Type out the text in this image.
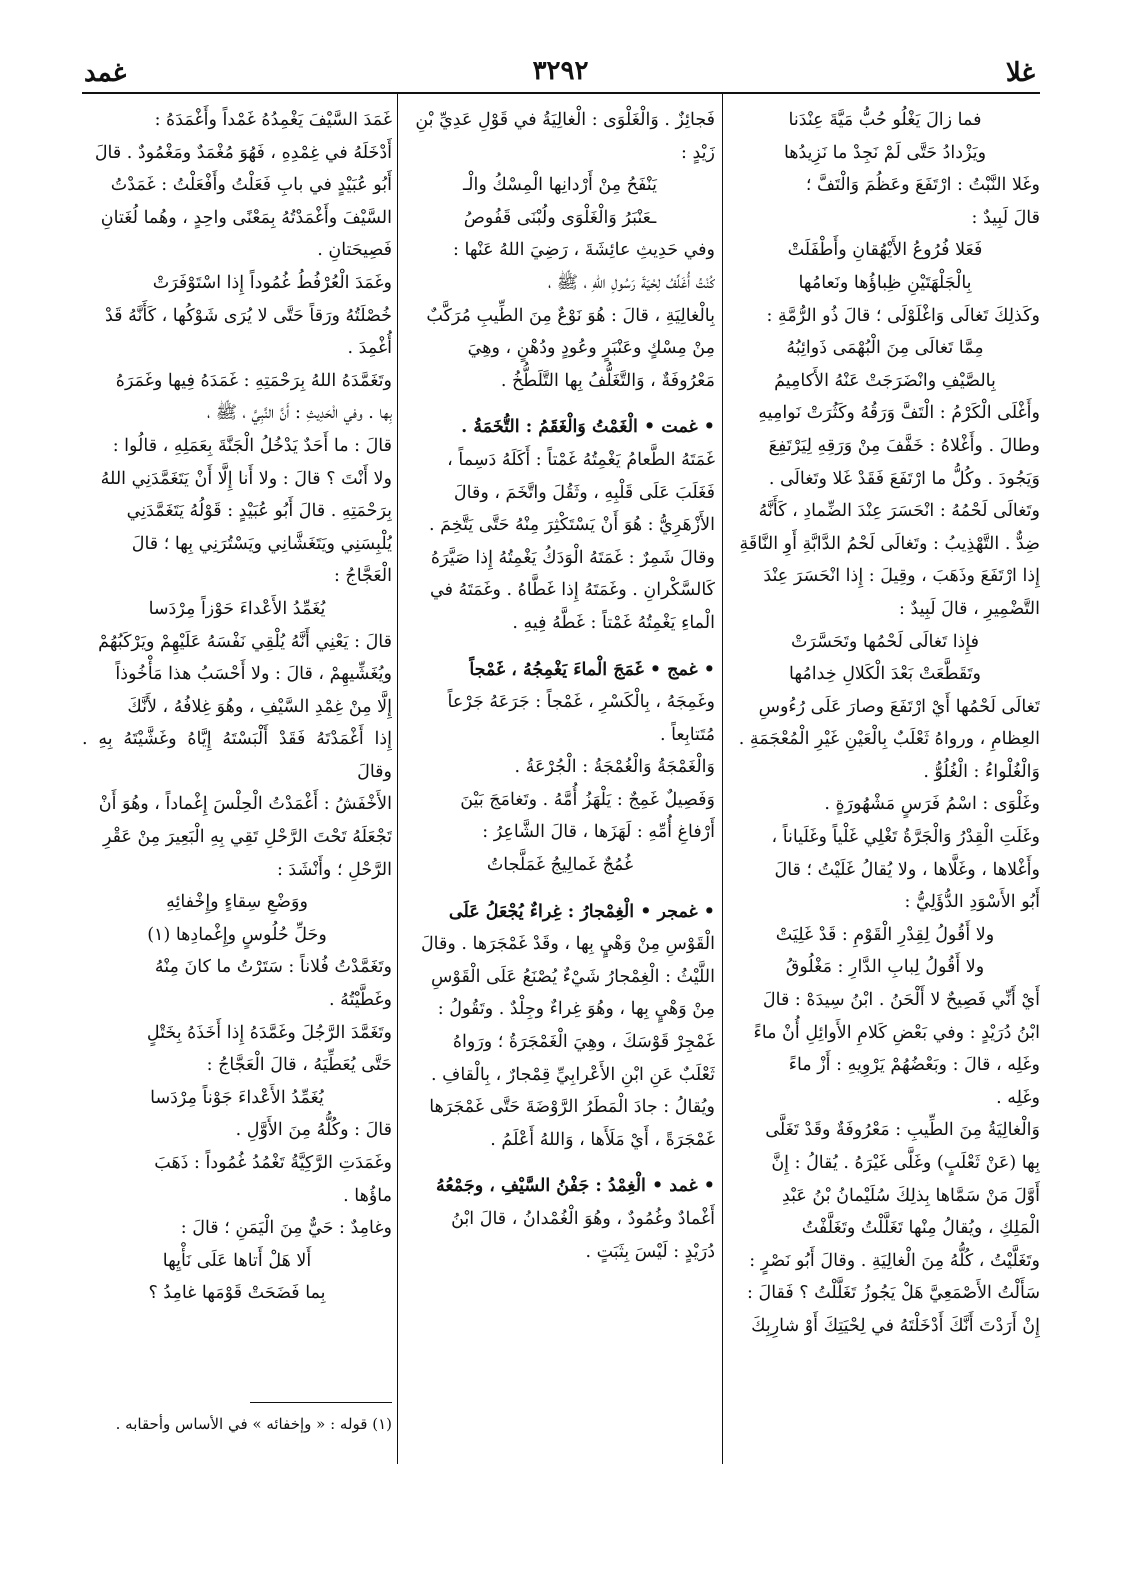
غلا
٣٢٩٢
غمد
فما زالَ يَغْلُو حُبُّ مَيَّةَ عِنْدَنا
ويَزْدادُ حَتَّى لَمْ نَجِدْ ما نَزِيدُها
وغَلا النَّبْتُ : ارْتَفَعَ وعَظُمَ وَالْتَفَّ ؛
قالَ لَبِيدٌ :
فَعَلا فُرُوعُ الأَيْهُقانِ وأَطْفَلَتْ
بِالْجَلْهَتَيْنِ ظِباؤُها ونَعامُها
وكَذلِكَ تَغالَى وَاغْلَوْلَى ؛ قالَ ذُو الرُّمَّةِ :
مِمَّا تَغالَى مِنَ الْبُهْمَى ذَوائِبُهُ
بِالصَّيْفِ وانْضَرَجَتْ عَنْهُ الأَكامِيمُ
وأَغْلَى الْكَرْمُ : الْتَفَّ وَرَقُهُ وكَثُرَتْ نَوامِيهِ
وطالَ . وأَغْلاهُ : خَفَّفَ مِنْ وَرَقِهِ لِيَرْتَفِعَ
وَيَجُودَ . وكُلُّ ما ارْتَفَعَ فَقَدْ غَلا وتَغالَى .
وتَغالَى لَحْمُهُ : انْحَسَرَ عِنْدَ الضِّمادِ ، كَأَنَّهُ
ضِدٌّ . التَّهْذِيبُ : وتَغالَى لَحْمُ الدَّابَّةِ أَوِ النَّاقَةِ
إِذا ارْتَفَعَ وذَهَبَ ، وقِيلَ : إِذا انْحَسَرَ عِنْدَ
التَّضْمِيرِ ، قالَ لَبِيدٌ :
فإِذا تَغالَى لَحْمُها وتَحَسَّرَتْ
وتَقَطَّعَتْ بَعْدَ الْكَلالِ خِدامُها
تَغالَى لَحْمُها أَيْ ارْتَفَعَ وصارَ عَلَى رُءُوسِ
العِظامِ ، ورواهُ ثَعْلَبٌ بِالْعَيْنِ غَيْرِ الْمُعْجَمَةِ .
وَالْغُلْواءُ : الْغُلُوُّ .
وغَلْوَى : اسْمُ فَرَسٍ مَشْهُورَةٍ .
وغَلَتِ الْقِدْرُ وَالْجَرَّةُ تَغْلِي غَلْياً وغَلَياناً ،
وأَغْلاها ، وغَلَّاها ، ولا يُقالُ غَلَيْتُ ؛ قالَ
أَبُو الأَسْوَدِ الدُّؤَلِيُّ :
ولا أَقُولُ لِقِدْرِ الْقَوْمِ : قَدْ غَلِيَتْ
ولا أَقُولُ لِبابِ الدَّارِ : مَغْلُوقُ
أَيْ أَنِّي فَصِيحٌ لا أَلْحَنُ . ابْنُ سِيدَهْ : قالَ
ابْنُ دُرَيْدٍ : وفي بَعْضِ كَلامِ الأَوائِلِ أُنْ ماءً
وغَلِه ، قالَ : وبَعْضُهُمْ يَرْوِيهِ : أَزْ ماءً
وغَلِه .
وَالْغالِيَةُ مِنَ الطِّيبِ : مَعْرُوفَةٌ وقَدْ تَغَلَّى
بِها (عَنْ ثَعْلَبٍ) وغَلَّى غَيْرَهُ . يُقالُ : إِنَّ
أَوَّلَ مَنْ سَمَّاها بِذلِكَ سُلَيْمانُ بْنُ عَبْدِ
الْمَلِكِ ، ويُقالُ مِنْها تَغَلَّلْتُ وتَغَلَّفْتُ
وتَغَلَّيْتُ ، كُلُّهُ مِنَ الْغالِيَةِ . وقالَ أَبُو نَصْرٍ :
سَأَلْتُ الأَصْمَعِيَّ هَلْ يَجُوزُ تَغَلَّلْتُ ؟ فَقالَ :
إِنْ أَرَدْتَ أَنَّكَ أَدْخَلْتَهُ في لِحْيَتِكَ أَوْ شارِبِكَ
فَجائِزٌ . وَالْغَلْوَى : الْغالِيَةُ في قَوْلِ عَدِيِّ بْنِ
زَيْدٍ :
يَنْفَحُ مِنْ أَرْدانِها الْمِسْكُ والْـ
ـعَنْبَرُ وَالْغَلْوَى ولُبْنَى قَفُوصُ
وفي حَدِيثِ عائِشَةَ ، رَضِيَ اللهُ عَنْها :
كُنْتُ أُغَلِّفُ لِحْيَةَ رَسُولِ اللهِ ، ﷺ ،
بِالْغالِيَةِ ، قالَ : هُوَ نَوْعٌ مِنَ الطِّيبِ مُرَكَّبٌ
مِنْ مِسْكٍ وعَنْبَرٍ وعُودٍ ودُهْنٍ ، وهِيَ
مَعْرُوفَةٌ ، وَالتَّغَلُّفُ بِها التَّلَطُّخُ .
• غمت • الْغَمْتُ وَالْغَقَمُ : التُّخَمَةُ .
غَمَتَهُ الطَّعامُ يَغْمِتُهُ غَمْتاً : أَكَلَهُ دَسِماً ،
فَغَلَبَ عَلَى قَلْبِهِ ، وثَقُلَ واتَّخَمَ ، وقالَ
الأَزْهَرِيُّ : هُوَ أَنْ يَسْتَكْثِرَ مِنْهُ حَتَّى يَتَّخِمَ .
وقالَ شَمِرٌ : غَمَتَهُ الْوَدَكُ يَغْمِتُهُ إِذا صَيَّرَهُ
كَالسَّكْرانِ . وغَمَتَهُ إِذا غَطَّاهُ . وغَمَتَهُ في
الْماءِ يَغْمِتُهُ غَمْتاً : غَطَّهُ فِيهِ .
• غمج • غَمَجَ الْماءَ يَغْمِجُهُ ، غَمْجاً
وغَمِجَهُ ، بِالْكَسْرِ ، غَمْجاً : جَرَعَهُ جَرْعاً
مُتَتابِعاً .
وَالْغَمْجَةُ وَالْغُمْجَةُ : الْجُرْعَةُ .
وَفَصِيلٌ غَمِجٌ : يَلْهَزُ أُمَّهُ . وتَغامَجَ بَيْنَ
أَرْفاغِ أُمِّهِ : لَهَزَها ، قالَ الشَّاعِرُ :
غُمُجٌ غَمالِيجُ غَمَلَّجاتُ
• غمجر • الْغِمْجارُ : غِراءٌ يُجْعَلُ عَلَى
الْقَوْسِ مِنْ وَهْيٍ بِها ، وقَدْ غَمْجَرَها . وقالَ
اللَّيْثُ : الْغِمْجارُ شَيْءٌ يُصْنَعُ عَلَى الْقَوْسِ
مِنْ وَهْيٍ بِها ، وهُوَ غِراءٌ وجِلْدٌ . وتَقُولُ :
غَمْجِرْ قَوْسَكَ ، وهِيَ الْغَمْجَرَةُ ؛ ورَواهُ
ثَعْلَبٌ عَنِ ابْنِ الأَعْرابِيِّ قِمْجارٌ ، بِالْقافِ .
ويُقالُ : جادَ الْمَطَرُ الرَّوْضَةَ حَتَّى غَمْجَرَها
غَمْجَرَةً ، أَيْ مَلَأَها ، وَاللهُ أَعْلَمُ .
• غمد • الْغِمْدُ : جَفْنُ السَّيْفِ ، وجَمْعُهُ
أَغْمادٌ وغُمُودٌ ، وهُوَ الْغُمْدانُ ، قالَ ابْنُ
دُرَيْدٍ : لَيْسَ بِثَبَتٍ .
غَمَدَ السَّيْفَ يَغْمِدُهُ غَمْداً وأَغْمَدَهُ :
أَدْخَلَهُ في غِمْدِهِ ، فَهُوَ مُغْمَدٌ ومَغْمُودٌ . قالَ
أَبُو عُبَيْدٍ في بابِ فَعَلْتُ وأَفْعَلْتُ : غَمَدْتُ
السَّيْفَ وأَغْمَدْتُهُ بِمَعْنًى واحِدٍ ، وهُما لُغَتانِ
فَصِيحَتانِ .
وغَمَدَ الْعُرْفُطُ غُمُوداً إِذا اسْتَوْفَرَتْ
خُصْلَتُهُ ورَقاً حَتَّى لا يُرَى شَوْكُها ، كَأَنَّهُ قَدْ
أُغْمِدَ .
وتَغَمَّدَهُ اللهُ بِرَحْمَتِهِ : غَمَدَهُ فِيها وغَمَرَهُ
بِها . وفي الْحَدِيثِ : أَنَّ النَّبِيَّ ، ﷺ ،
قالَ : ما أَحَدٌ يَدْخُلُ الْجَنَّةَ بِعَمَلِهِ ، قالُوا :
ولا أَنْتَ ؟ قالَ : ولا أَنا إِلَّا أَنْ يَتَغَمَّدَنِي اللهُ
بِرَحْمَتِهِ . قالَ أَبُو عُبَيْدٍ : قَوْلُهُ يَتَغَمَّدَنِي
يُلْبِسَنِي ويَتَغَشَّانِي ويَسْتُرَنِي بِها ؛ قالَ
الْعَجَّاجُ :
يُغَمِّدُ الأَعْداءَ حَوْزاً مِرْدَسا
قالَ : يَعْنِي أَنَّهُ يُلْقِي نَفْسَهُ عَلَيْهِمْ ويَرْكَبُهُمْ
ويُغَشِّيهِمْ ، قالَ : ولا أَحْسَبُ هذا مَأْخُوذاً
إِلَّا مِنْ غِمْدِ السَّيْفِ ، وهُوَ غِلافُهُ ، لأَنَّكَ
إِذا أَغْمَدْتَهُ فَقَدْ أَلْبَسْتَهُ إِيَّاهُ وغَشَّيْتَهُ بِهِ . وقالَ
الأَخْفَشُ : أَغْمَدْتُ الْحِلْسَ إِغْماداً ، وهُوَ أَنْ
تَجْعَلَهُ تَحْتَ الرَّحْلِ تَقِي بِهِ الْبَعِيرَ مِنْ عَقْرِ
الرَّحْلِ ؛ وأَنْشَدَ :
ووَضْعِ سِقاءٍ وإِخْفائِهِ
وحَلِّ حُلُوسٍ وإِغْمادِها (١)
وتَغَمَّدْتُ فُلاناً : سَتَرْتُ ما كانَ مِنْهُ
وغَطَّيْتُهُ .
وتَغَمَّدَ الرَّجُلَ وغَمَّدَهُ إِذا أَخَذَهُ بِخَتْلٍ
حَتَّى يُعَطِّيَهُ ، قالَ الْعَجَّاجُ :
يُغَمِّدُ الأَعْداءَ جَوْناً مِرْدَسا
قالَ : وكُلُّهُ مِنَ الأَوَّلِ .
وغَمَدَتِ الرَّكِيَّةُ تَغْمُدُ غُمُوداً : ذَهَبَ
ماؤُها .
وغامِدٌ : حَيٌّ مِنَ الْيَمَنِ ؛ قالَ :
أَلا هَلْ أَتاها عَلَى نَأْيِها
بِما فَضَحَتْ قَوْمَها غامِدُ ؟
(١) قوله : « وإخفائه » في الأساس وأحقابه .
